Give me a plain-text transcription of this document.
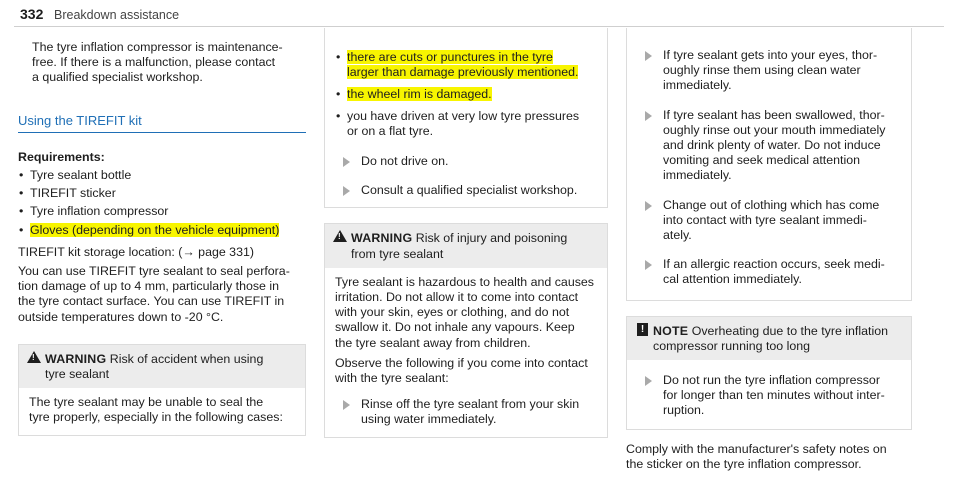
332 Breakdown assistance

The tyre inflation compressor is maintenance-

free. If there is a malfunction, please contact

a qualified specialist workshop.

Using the TIREFIT kit
Requirements:
• Tyre sealant bottle
• TIREFIT sticker
• Tyre inflation compressor
• Gloves (depending on the vehicle equipment)

TIREFIT kit storage location: (→ page 331)

You can use TIREFIT tyre sealant to seal perfora-

tion damage of up to 4 mm, particularly those in

the tyre contact surface. You can use TIREFIT in

outside temperatures down to -20 °C.

!

WARNING Risk of accident when using

tyre sealant

The tyre sealant may be unable to seal the

tyre properly, especially in the following cases:

• there are cuts or punctures in the tyre
larger than damage previously mentioned.
• the wheel rim is damaged.
• you have driven at very low tyre pressures
or on a flat tyre.

Do not drive on.

Consult a qualified specialist workshop.

!

WARNING Risk of injury and poisoning

from tyre sealant

Tyre sealant is hazardous to health and causes

irritation. Do not allow it to come into contact

with your skin, eyes or clothing, and do not

swallow it. Do not inhale any vapours. Keep

the tyre sealant away from children.

Observe the following if you come into contact

with the tyre sealant:

Rinse off the tyre sealant from your skin

using water immediately.

If tyre sealant gets into your eyes, thor-

oughly rinse them using clean water

immediately.

If tyre sealant has been swallowed, thor-

oughly rinse out your mouth immediately

and drink plenty of water. Do not induce

vomiting and seek medical attention

immediately.

Change out of clothing which has come

into contact with tyre sealant immedi-

ately.

If an allergic reaction occurs, seek medi-

cal attention immediately.

! NOTE Overheating due to the tyre inflation

compressor running too long

Do not run the tyre inflation compressor

for longer than ten minutes without inter-

ruption.

Comply with the manufacturer's safety notes on

the sticker on the tyre inflation compressor.
